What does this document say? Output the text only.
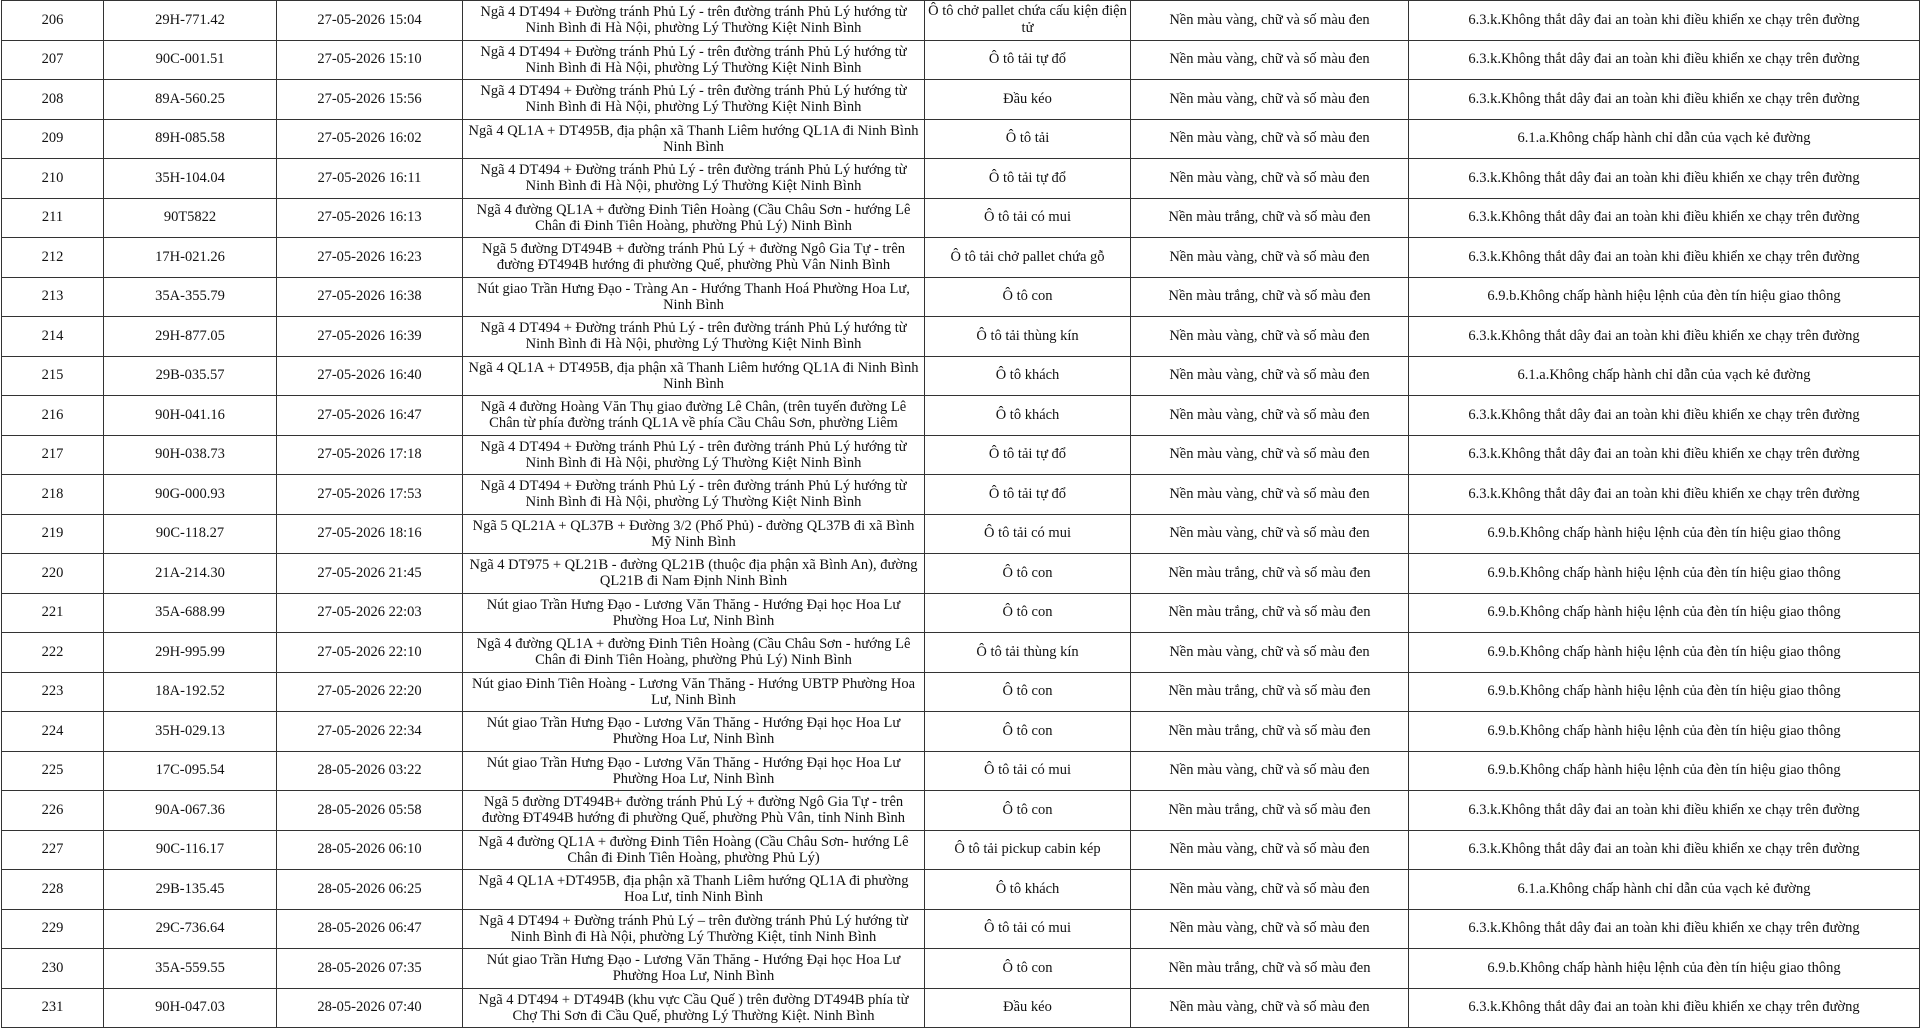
206	29H-771.42	27-05-2026 15:04	Ngã 4 DT494 + Đường tránh Phủ Lý - trên đường tránh Phủ Lý hướng từ Ninh Bình đi Hà Nội, phường Lý Thường Kiệt Ninh Bình	Ô tô chở pallet chứa cấu kiện điện tử	Nền màu vàng, chữ và số màu đen	6.3.k.Không thắt dây đai an toàn khi điều khiển xe chạy trên đường
207	90C-001.51	27-05-2026 15:10	Ngã 4 DT494 + Đường tránh Phủ Lý - trên đường tránh Phủ Lý hướng từ Ninh Bình đi Hà Nội, phường Lý Thường Kiệt Ninh Bình	Ô tô tải tự đổ	Nền màu vàng, chữ và số màu đen	6.3.k.Không thắt dây đai an toàn khi điều khiển xe chạy trên đường
208	89A-560.25	27-05-2026 15:56	Ngã 4 DT494 + Đường tránh Phủ Lý - trên đường tránh Phủ Lý hướng từ Ninh Bình đi Hà Nội, phường Lý Thường Kiệt Ninh Bình	Đầu kéo	Nền màu vàng, chữ và số màu đen	6.3.k.Không thắt dây đai an toàn khi điều khiển xe chạy trên đường
209	89H-085.58	27-05-2026 16:02	Ngã 4 QL1A + DT495B, địa phận xã Thanh Liêm hướng QL1A đi Ninh Bình Ninh Bình	Ô tô tải	Nền màu vàng, chữ và số màu đen	6.1.a.Không chấp hành chỉ dẫn của vạch kẻ đường
210	35H-104.04	27-05-2026 16:11	Ngã 4 DT494 + Đường tránh Phủ Lý - trên đường tránh Phủ Lý hướng từ Ninh Bình đi Hà Nội, phường Lý Thường Kiệt Ninh Bình	Ô tô tải tự đổ	Nền màu vàng, chữ và số màu đen	6.3.k.Không thắt dây đai an toàn khi điều khiển xe chạy trên đường
211	90T5822	27-05-2026 16:13	Ngã 4 đường QL1A + đường Đinh Tiên Hoàng (Cầu Châu Sơn - hướng Lê Chân đi Đinh Tiên Hoàng, phường Phủ Lý) Ninh Bình	Ô tô tải có mui	Nền màu trắng, chữ và số màu đen	6.3.k.Không thắt dây đai an toàn khi điều khiển xe chạy trên đường
212	17H-021.26	27-05-2026 16:23	Ngã 5 đường DT494B + đường tránh Phủ Lý + đường Ngô Gia Tự - trên đường ĐT494B hướng đi phường Quế, phường Phù Vân Ninh Bình	Ô tô tải chở pallet chứa gỗ	Nền màu vàng, chữ và số màu đen	6.3.k.Không thắt dây đai an toàn khi điều khiển xe chạy trên đường
213	35A-355.79	27-05-2026 16:38	Nút giao Trần Hưng Đạo - Tràng An - Hướng Thanh Hoá Phường Hoa Lư, Ninh Bình	Ô tô con	Nền màu trắng, chữ và số màu đen	6.9.b.Không chấp hành hiệu lệnh của đèn tín hiệu giao thông
214	29H-877.05	27-05-2026 16:39	Ngã 4 DT494 + Đường tránh Phủ Lý - trên đường tránh Phủ Lý hướng từ Ninh Bình đi Hà Nội, phường Lý Thường Kiệt Ninh Bình	Ô tô tải thùng kín	Nền màu vàng, chữ và số màu đen	6.3.k.Không thắt dây đai an toàn khi điều khiển xe chạy trên đường
215	29B-035.57	27-05-2026 16:40	Ngã 4 QL1A + DT495B, địa phận xã Thanh Liêm hướng QL1A đi Ninh Bình Ninh Bình	Ô tô khách	Nền màu vàng, chữ và số màu đen	6.1.a.Không chấp hành chỉ dẫn của vạch kẻ đường
216	90H-041.16	27-05-2026 16:47	Ngã 4 đường Hoàng Văn Thụ giao đường Lê Chân, (trên tuyến đường Lê Chân từ phía đường tránh QL1A về phía Cầu Châu Sơn, phường Liêm	Ô tô khách	Nền màu vàng, chữ và số màu đen	6.3.k.Không thắt dây đai an toàn khi điều khiển xe chạy trên đường
217	90H-038.73	27-05-2026 17:18	Ngã 4 DT494 + Đường tránh Phủ Lý - trên đường tránh Phủ Lý hướng từ Ninh Bình đi Hà Nội, phường Lý Thường Kiệt Ninh Bình	Ô tô tải tự đổ	Nền màu vàng, chữ và số màu đen	6.3.k.Không thắt dây đai an toàn khi điều khiển xe chạy trên đường
218	90G-000.93	27-05-2026 17:53	Ngã 4 DT494 + Đường tránh Phủ Lý - trên đường tránh Phủ Lý hướng từ Ninh Bình đi Hà Nội, phường Lý Thường Kiệt Ninh Bình	Ô tô tải tự đổ	Nền màu vàng, chữ và số màu đen	6.3.k.Không thắt dây đai an toàn khi điều khiển xe chạy trên đường
219	90C-118.27	27-05-2026 18:16	Ngã 5 QL21A + QL37B + Đường 3/2 (Phố Phủ) - đường QL37B đi xã Bình Mỹ Ninh Bình	Ô tô tải có mui	Nền màu vàng, chữ và số màu đen	6.9.b.Không chấp hành hiệu lệnh của đèn tín hiệu giao thông
220	21A-214.30	27-05-2026 21:45	Ngã 4 DT975 + QL21B - đường QL21B (thuộc địa phận xã Bình An), đường QL21B đi Nam Định Ninh Bình	Ô tô con	Nền màu trắng, chữ và số màu đen	6.9.b.Không chấp hành hiệu lệnh của đèn tín hiệu giao thông
221	35A-688.99	27-05-2026 22:03	Nút giao Trần Hưng Đạo - Lương Văn Thăng - Hướng Đại học Hoa Lư Phường Hoa Lư, Ninh Bình	Ô tô con	Nền màu trắng, chữ và số màu đen	6.9.b.Không chấp hành hiệu lệnh của đèn tín hiệu giao thông
222	29H-995.99	27-05-2026 22:10	Ngã 4 đường QL1A + đường Đinh Tiên Hoàng (Cầu Châu Sơn - hướng Lê Chân đi Đinh Tiên Hoàng, phường Phủ Lý) Ninh Bình	Ô tô tải thùng kín	Nền màu vàng, chữ và số màu đen	6.9.b.Không chấp hành hiệu lệnh của đèn tín hiệu giao thông
223	18A-192.52	27-05-2026 22:20	Nút giao Đinh Tiên Hoàng - Lương Văn Thăng - Hướng UBTP Phường Hoa Lư, Ninh Bình	Ô tô con	Nền màu trắng, chữ và số màu đen	6.9.b.Không chấp hành hiệu lệnh của đèn tín hiệu giao thông
224	35H-029.13	27-05-2026 22:34	Nút giao Trần Hưng Đạo - Lương Văn Thăng - Hướng Đại học Hoa Lư Phường Hoa Lư, Ninh Bình	Ô tô con	Nền màu trắng, chữ và số màu đen	6.9.b.Không chấp hành hiệu lệnh của đèn tín hiệu giao thông
225	17C-095.54	28-05-2026 03:22	Nút giao Trần Hưng Đạo - Lương Văn Thăng - Hướng Đại học Hoa Lư Phường Hoa Lư, Ninh Bình	Ô tô tải có mui	Nền màu vàng, chữ và số màu đen	6.9.b.Không chấp hành hiệu lệnh của đèn tín hiệu giao thông
226	90A-067.36	28-05-2026 05:58	Ngã 5 đường DT494B+ đường tránh Phủ Lý + đường Ngô Gia Tự - trên đường ĐT494B hướng đi phường Quế, phường Phù Vân, tỉnh Ninh Bình	Ô tô con	Nền màu trắng, chữ và số màu đen	6.3.k.Không thắt dây đai an toàn khi điều khiển xe chạy trên đường
227	90C-116.17	28-05-2026 06:10	Ngã 4 đường QL1A + đường Đinh Tiên Hoàng (Cầu Châu Sơn- hướng Lê Chân đi Đinh Tiên Hoàng, phường Phủ Lý)	Ô tô tải pickup cabin kép	Nền màu vàng, chữ và số màu đen	6.3.k.Không thắt dây đai an toàn khi điều khiển xe chạy trên đường
228	29B-135.45	28-05-2026 06:25	Ngã 4 QL1A +DT495B, địa phận xã Thanh Liêm hướng QL1A đi phường Hoa Lư, tỉnh Ninh Bình	Ô tô khách	Nền màu vàng, chữ và số màu đen	6.1.a.Không chấp hành chỉ dẫn của vạch kẻ đường
229	29C-736.64	28-05-2026 06:47	Ngã 4 DT494 + Đường tránh Phủ Lý – trên đường tránh Phủ Lý hướng từ Ninh Bình đi Hà Nội, phường Lý Thường Kiệt, tỉnh Ninh Bình	Ô tô tải có mui	Nền màu vàng, chữ và số màu đen	6.3.k.Không thắt dây đai an toàn khi điều khiển xe chạy trên đường
230	35A-559.55	28-05-2026 07:35	Nút giao Trần Hưng Đạo - Lương Văn Thăng - Hướng Đại học Hoa Lư Phường Hoa Lư, Ninh Bình	Ô tô con	Nền màu trắng, chữ và số màu đen	6.9.b.Không chấp hành hiệu lệnh của đèn tín hiệu giao thông
231	90H-047.03	28-05-2026 07:40	Ngã 4 DT494 + DT494B (khu vực Cầu Quế ) trên đường DT494B phía từ Chợ Thi Sơn đi Cầu Quế, phường Lý Thường Kiệt. Ninh Bình	Đầu kéo	Nền màu vàng, chữ và số màu đen	6.3.k.Không thắt dây đai an toàn khi điều khiển xe chạy trên đường
